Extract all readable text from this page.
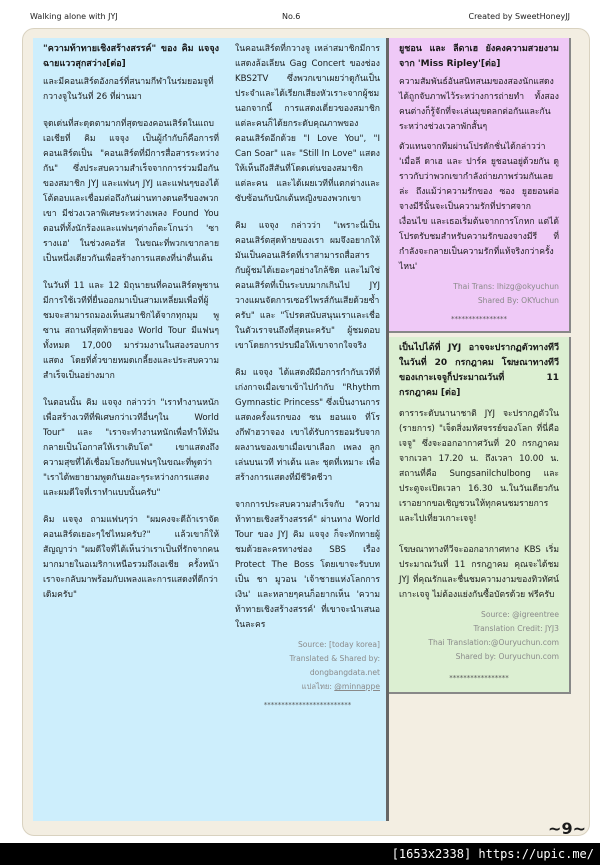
Walking alone with JYJ	No.6	Created by SweetHoneyJJ
"ความท้าทายเชิงสร้างสรรค์" ของ คิม แจจุง ฉายแววสุกสว่าง[ต่อ]

และมีคอนเสิร์ตอังกอร์ที่สนามกีฬาในร่มยอมจูที่กวางจูในวันที่ 26 ที่ผ่านมา

จุดเด่นที่สะดุดตามากที่สุดของคอนเสิร์ตในแถบเอเชียที่ คิม แจจุง เป็นผู้กำกับก็คือการที่คอนเสิร์ตเป็น "คอนเสิร์ตที่มีการสื่อสารระหว่างกัน" ซึ่งประสบความสำเร็จจากการร่วมมือกันของสมาชิก JYJ และแฟนๆ JYJ และแฟนๆของได้โต้ตอบและเชื่อมต่อถึงกันผ่านทางดนตรีของพวกเขา มีช่วงเวลาพิเศษระหว่างเพลง Found You ตอนที่ทั้งนักร้องและแฟนๆต่างก็ตะโกนว่า 'ซารางแฮ' ในช่วงคอรัส ในขณะที่พวกเขากลายเป็นหนึ่งเดียวกันเพื่อสร้างการแสดงที่น่าตื่นเต้น

ในวันที่ 11 และ 12 มิถุนายนที่คอนเสิร์ตพูซาน มีการใช้เวทีที่ยื่นออกมาเป็นสามเหลี่ยมเพื่อที่ผู้ชมจะสามารถมองเห็นสมาชิกได้จากทุกมุม พูซาน สถานที่สุดท้ายของ World Tour มีแฟนๆทั้งหมด 17,000 มาร่วมงานในสองรอบการแสดง โดยที่ตั๋วขายหมดเกลี้ยงและประสบความสำเร็จเป็นอย่างมาก

ในตอนนั้น คิม แจจุง กล่าวว่า "เราทำงานหนักเพื่อสร้างเวทีที่พิเศษกว่าเวทีอื่นๆใน World Tour" และ "เราจะทำงานหนักเพื่อทำให้มันกลายเป็นโอกาสให้เราเติบโต" เขาแสดงถึงความสุขที่ได้เชื่อมโยงกับแฟนๆในขณะที่พูดว่า "เราได้พยายามพูดกันเยอะๆระหว่างการแสดงและผมดีใจที่เราทำแบบนั้นครับ"

คิม แจจุง ถามแฟนๆว่า "ผมคงจะดีถ้าเราจัดคอนเสิร์ตเยอะๆใช่ไหมครับ?" แล้วเขาก็ให้สัญญาว่า "ผมดีใจที่ได้เห็นว่าเราเป็นที่รักจากคนมากมายในอเมริกาเหนือรวมถึงเอเชีย ครั้งหน้า เราจะกลับมาพร้อมกับเพลงและการแสดงที่ดีกว่าเดิมครับ"

ในคอนเสิร์ตที่กวางจู เหล่าสมาชิกมีการแสดงล้อเลียน Gag Concert ของช่อง KBS2TV ซึ่งพวกเขาเผยว่าดูกันเป็นประจำและได้เรียกเสียงหัวเราะจากผู้ชม นอกจากนี้ การแสดงเดี่ยวของสมาชิกแต่ละคนก็ได้ยกระดับคุณภาพของคอนเสิร์ตอีกด้วย "I Love You", "I Can Soar" และ "Still In Love" แสดงให้เห็นถึงสีสันที่โดดเด่นของสมาชิกแต่ละคน และได้เผยเวทีที่แตกต่างและซับซ้อนกับนักเต้นหญิงของพวกเขา

คิม แจจุง กล่าวว่า "เพราะนี่เป็นคอนเสิร์ตสุดท้ายของเรา ผมจึงอยากให้มันเป็นคอนเสิร์ตที่เราสามารถสื่อสารกับผู้ชมได้เยอะๆอย่างใกล้ชิด และไม่ใช่คอนเสิร์ตที่เป็นระบบมากเกินไป JYJ วางแผนจัดการเซอร์ไพรส์กันเสียด้วยซ้ำครับ" และ "โปรดสนับสนุนเราและเชื่อในตัวเราจนถึงที่สุดนะครับ" ผู้ชมตอบเขาโดยการปรบมือให้เขาจากใจจริง

คิม แจจุง ได้แสดงฝีมือการกำกับเวทีที่เก่งกาจเมื่อเขาเข้าไปกำกับ "Rhythm Gymnastic Princess" ซึ่งเป็นงานการแสดงครั้งแรกของ ซน ยอนแจ ที่โรงกีฬาฮวาจอง เขาได้รับการยอมรับจากผลงานของเขาเมื่อเขาเลือก เพลง ลูกเล่นบนเวที ท่าเต้น และ ชุดที่เหมาะ เพื่อสร้างการแสดงที่มีชีวิตชีวา

จากการประสบความสำเร็จกับ "ความท้าทายเชิงสร้างสรรค์" ผ่านทาง World Tour ของ JYJ คิม แจจุง ก็จะทักทายผู้ชมด้วยละครทางช่อง SBS เรื่อง Protect The Boss โดยเขาจะรับบทเป็น ชา มูวอน 'เจ้าชายแห่งโลกการเงิน' และหลายๆคนก็อยากเห็น 'ความท้าทายเชิงสร้างสรรค์' ที่เขาจะนำเสนอในละคร

Source: [today korea]
Translated & Shared by: dongbangdata.net
แปลไทย: @minnappe
*************************
ยูชอน และ ลีดาเฮ ยังคงความสวยงามจาก 'Miss Ripley'[ต่อ]

ความสัมพันธ์อันสนิทสนมของสองนักแสดงได้ถูกจับภาพไว้ระหว่างการถ่ายทำ ทั้งสองคนต่างก็รู้จักที่จะเล่นมุขตลกต่อกันและกันระหว่างช่วงเวลาพักสั้นๆ

ตัวแทนจากทีมผ่านโปรดักชั่นได้กล่าวว่า 'เมื่อลี ดาเฮ และ ปาร์ค ยูชอนอยู่ด้วยกัน ดูราวกับว่าพวกเขากำลังถ่ายภาพร่วมกันเลยล่ะ ถึงแม้ว่าความรักของ ซอง ยูฮยอนต่อ จางมีรีนั้นจะเป็นความรักที่ปราศจากเงื่อนไข และเธอเริ่มต้นจากการโกหก แต่ได้โปรดรับชมสำหรับความรักของจางมีรี ที่กำลังจะกลายเป็นความรักที่แท้จริงกว่าครั้งไหน'

Thai Trans: lhizg@okyuchun
Shared By: OKYuchun
****************
เป็นไปได้ที่ JYJ อาจจะปรากฏตัวทางทีวีในวันที่ 20 กรกฎาคม โฆษณาทางทีวีของเกาะเจจูก็ประมาณวันที่ 11 กรกฎาคม [ต่อ]

ดาราระดับนานาชาติ JYJ จะปรากฏตัวใน (รายการ) "เจ็ดสิ่งมหัศจรรย์ของโลก ที่นี่คือเจจู" ซึ่งจะออกอากาศวันที่ 20 กรกฎาคม จากเวลา 17.20 น. ถึงเวลา 10.00 น. สถานที่คือ Sungsanilchulbong และประตูจะเปิดเวลา 16.30 น.ในวันเดียวกัน เราอยากขอเชิญชวนให้ทุกคนชมรายการและไปเที่ยวเกาะเจจู!

โฆษณาทางทีวีจะออกอากาศทาง KBS เริ่มประมาณวันที่ 11 กรกฎาคม คุณจะได้ชม JYJ ที่คุณรักและชื่นชมความงามของทิวทัศน์เกาะเจจู ไม่ต้องแย่งกันซื้อบัตรด้วย ฟรีครับ

Source: @igreentree
Translation Credit: JYJ3
Thai Translation:@Ouryuchun.com
Shared by: Ouryuchun.com
*****************
~9~
[1653x2338] https://upic.me/
